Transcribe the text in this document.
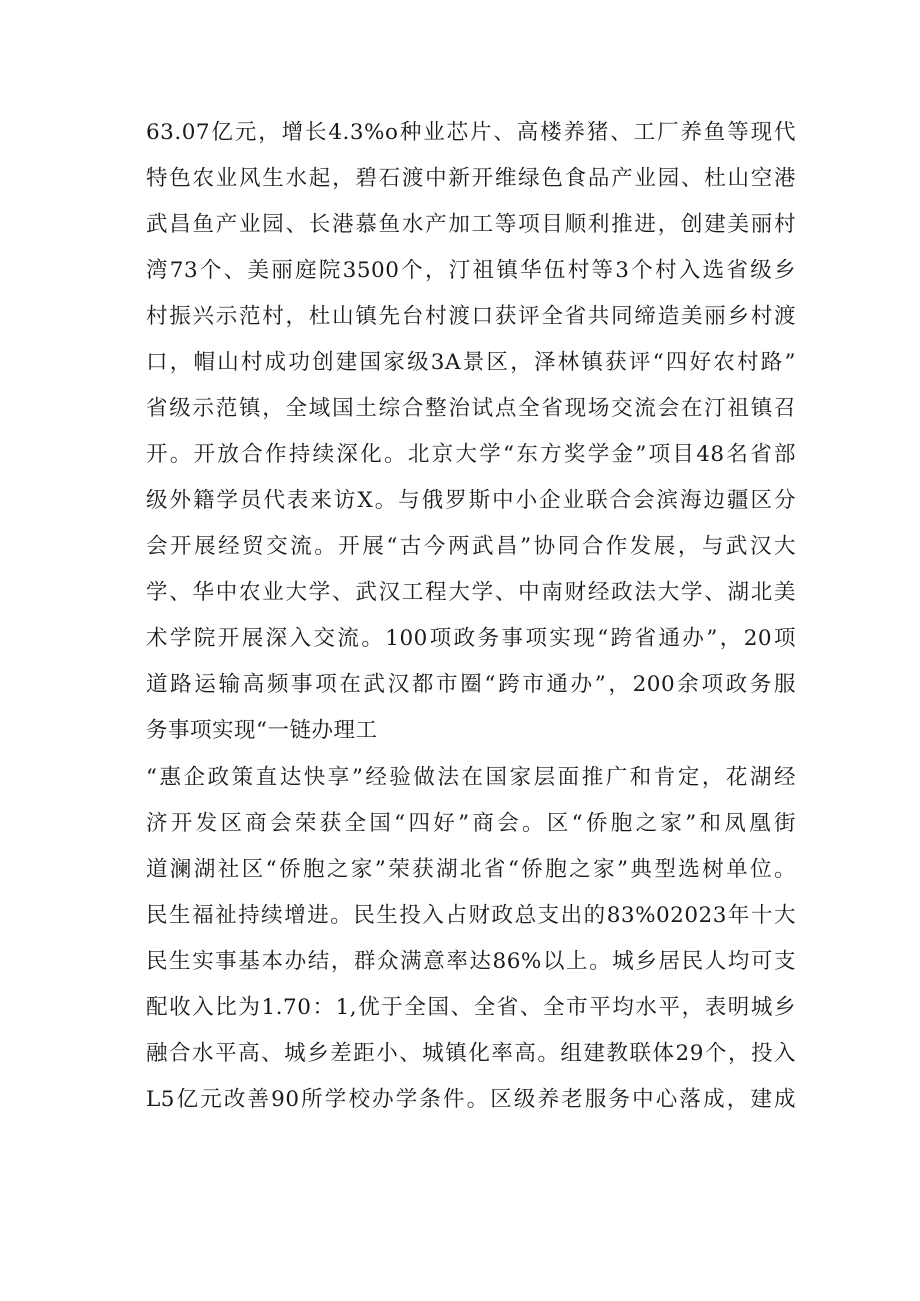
63.07亿元，增长4.3%o种业芯片、高楼养猪、工厂养鱼等现代
特色农业风生水起，碧石渡中新开维绿色食品产业园、杜山空港
武昌鱼产业园、长港慕鱼水产加工等项目顺利推进，创建美丽村
湾73个、美丽庭院3500个，汀祖镇华伍村等3个村入选省级乡
村振兴示范村，杜山镇先台村渡口获评全省共同缔造美丽乡村渡
口，帽山村成功创建国家级3A景区，泽林镇获评“四好农村路”
省级示范镇，全域国土综合整治试点全省现场交流会在汀祖镇召
开。开放合作持续深化。北京大学“东方奖学金”项目48名省部
级外籍学员代表来访X。与俄罗斯中小企业联合会滨海边疆区分
会开展经贸交流。开展“古今两武昌”协同合作发展，与武汉大
学、华中农业大学、武汉工程大学、中南财经政法大学、湖北美
术学院开展深入交流。100项政务事项实现“跨省通办”，20项
道路运输高频事项在武汉都市圈“跨市通办”，200余项政务服
务事项实现“一链办理工
“惠企政策直达快享”经验做法在国家层面推广和肯定，花湖经
济开发区商会荣获全国“四好”商会。区“侨胞之家”和凤凰街
道澜湖社区“侨胞之家”荣获湖北省“侨胞之家”典型选树单位。
民生福祉持续增进。民生投入占财政总支出的83%02023年十大
民生实事基本办结，群众满意率达86%以上。城乡居民人均可支
配收入比为1.70：1,优于全国、全省、全市平均水平，表明城乡
融合水平高、城乡差距小、城镇化率高。组建教联体29个，投入
L5亿元改善90所学校办学条件。区级养老服务中心落成，建成
